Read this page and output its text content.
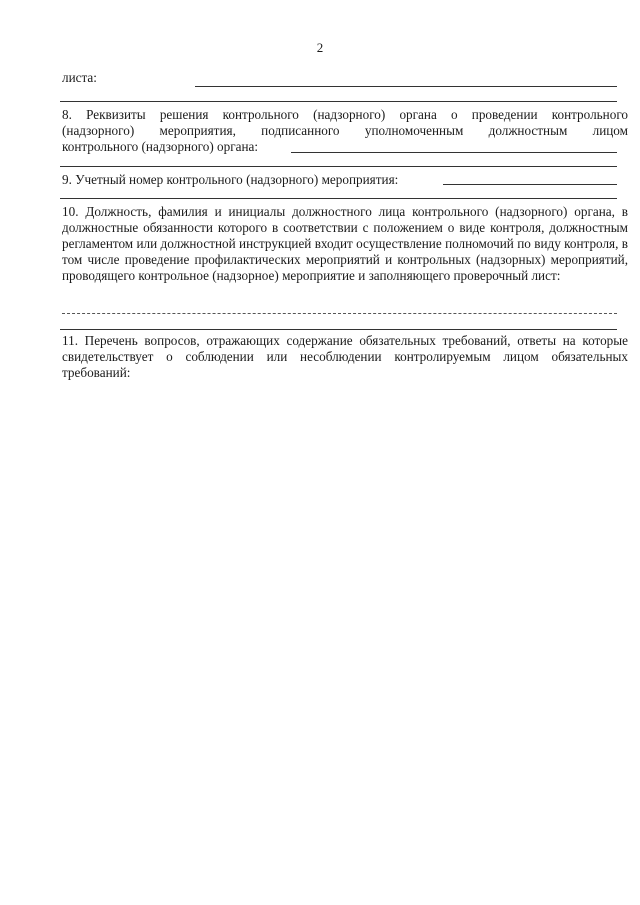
2
листа:
8. Реквизиты решения контрольного (надзорного) органа о проведении контрольного
(надзорного) мероприятия, подписанного уполномоченным должностным лицом
контрольного (надзорного) органа:
9. Учетный номер контрольного (надзорного) мероприятия:
10. Должность, фамилия и инициалы должностного лица контрольного (надзорного) органа, в должностные обязанности которого в соответствии с положением о виде контроля, должностным регламентом или должностной инструкцией входит осуществление полномочий по виду контроля, в том числе проведение профилактических мероприятий и контрольных (надзорных) мероприятий, проводящего контрольное (надзорное) мероприятие и заполняющего проверочный лист:
11. Перечень вопросов, отражающих содержание обязательных требований, ответы на которые свидетельствует о соблюдении или несоблюдении контролируемым лицом обязательных требований:
